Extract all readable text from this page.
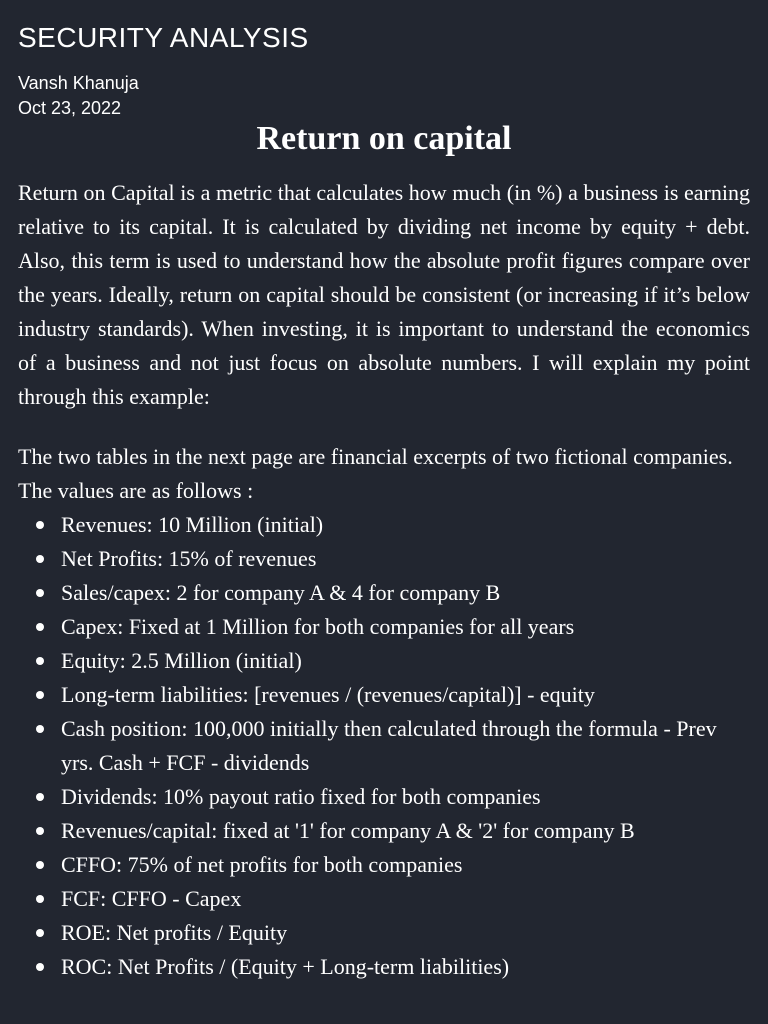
SECURITY ANALYSIS
Vansh Khanuja
Oct 23, 2022
Return on capital

Return on Capital is a metric that calculates how much (in %) a business is earning relative to its capital. It is calculated by dividing net income by equity + debt. Also, this term is used to understand how the absolute profit figures compare over the years. Ideally, return on capital should be consistent (or increasing if it’s below industry standards). When investing, it is important to understand the economics of a business and not just focus on absolute numbers. I will explain my point through this example:

The two tables in the next page are financial excerpts of two fictional companies. The values are as follows :

Revenues: 10 Million (initial)
Net Profits: 15% of revenues
Sales/capex: 2 for company A & 4 for company B
Capex: Fixed at 1 Million for both companies for all years
Equity: 2.5 Million (initial)
Long-term liabilities: [revenues / (revenues/capital)] - equity
Cash position: 100,000 initially then calculated through the formula - Prev yrs. Cash + FCF - dividends
Dividends: 10% payout ratio fixed for both companies
Revenues/capital: fixed at '1' for company A & '2' for company B
CFFO: 75% of net profits for both companies
FCF: CFFO - Capex
ROE: Net profits / Equity
ROC: Net Profits / (Equity + Long-term liabilities)
